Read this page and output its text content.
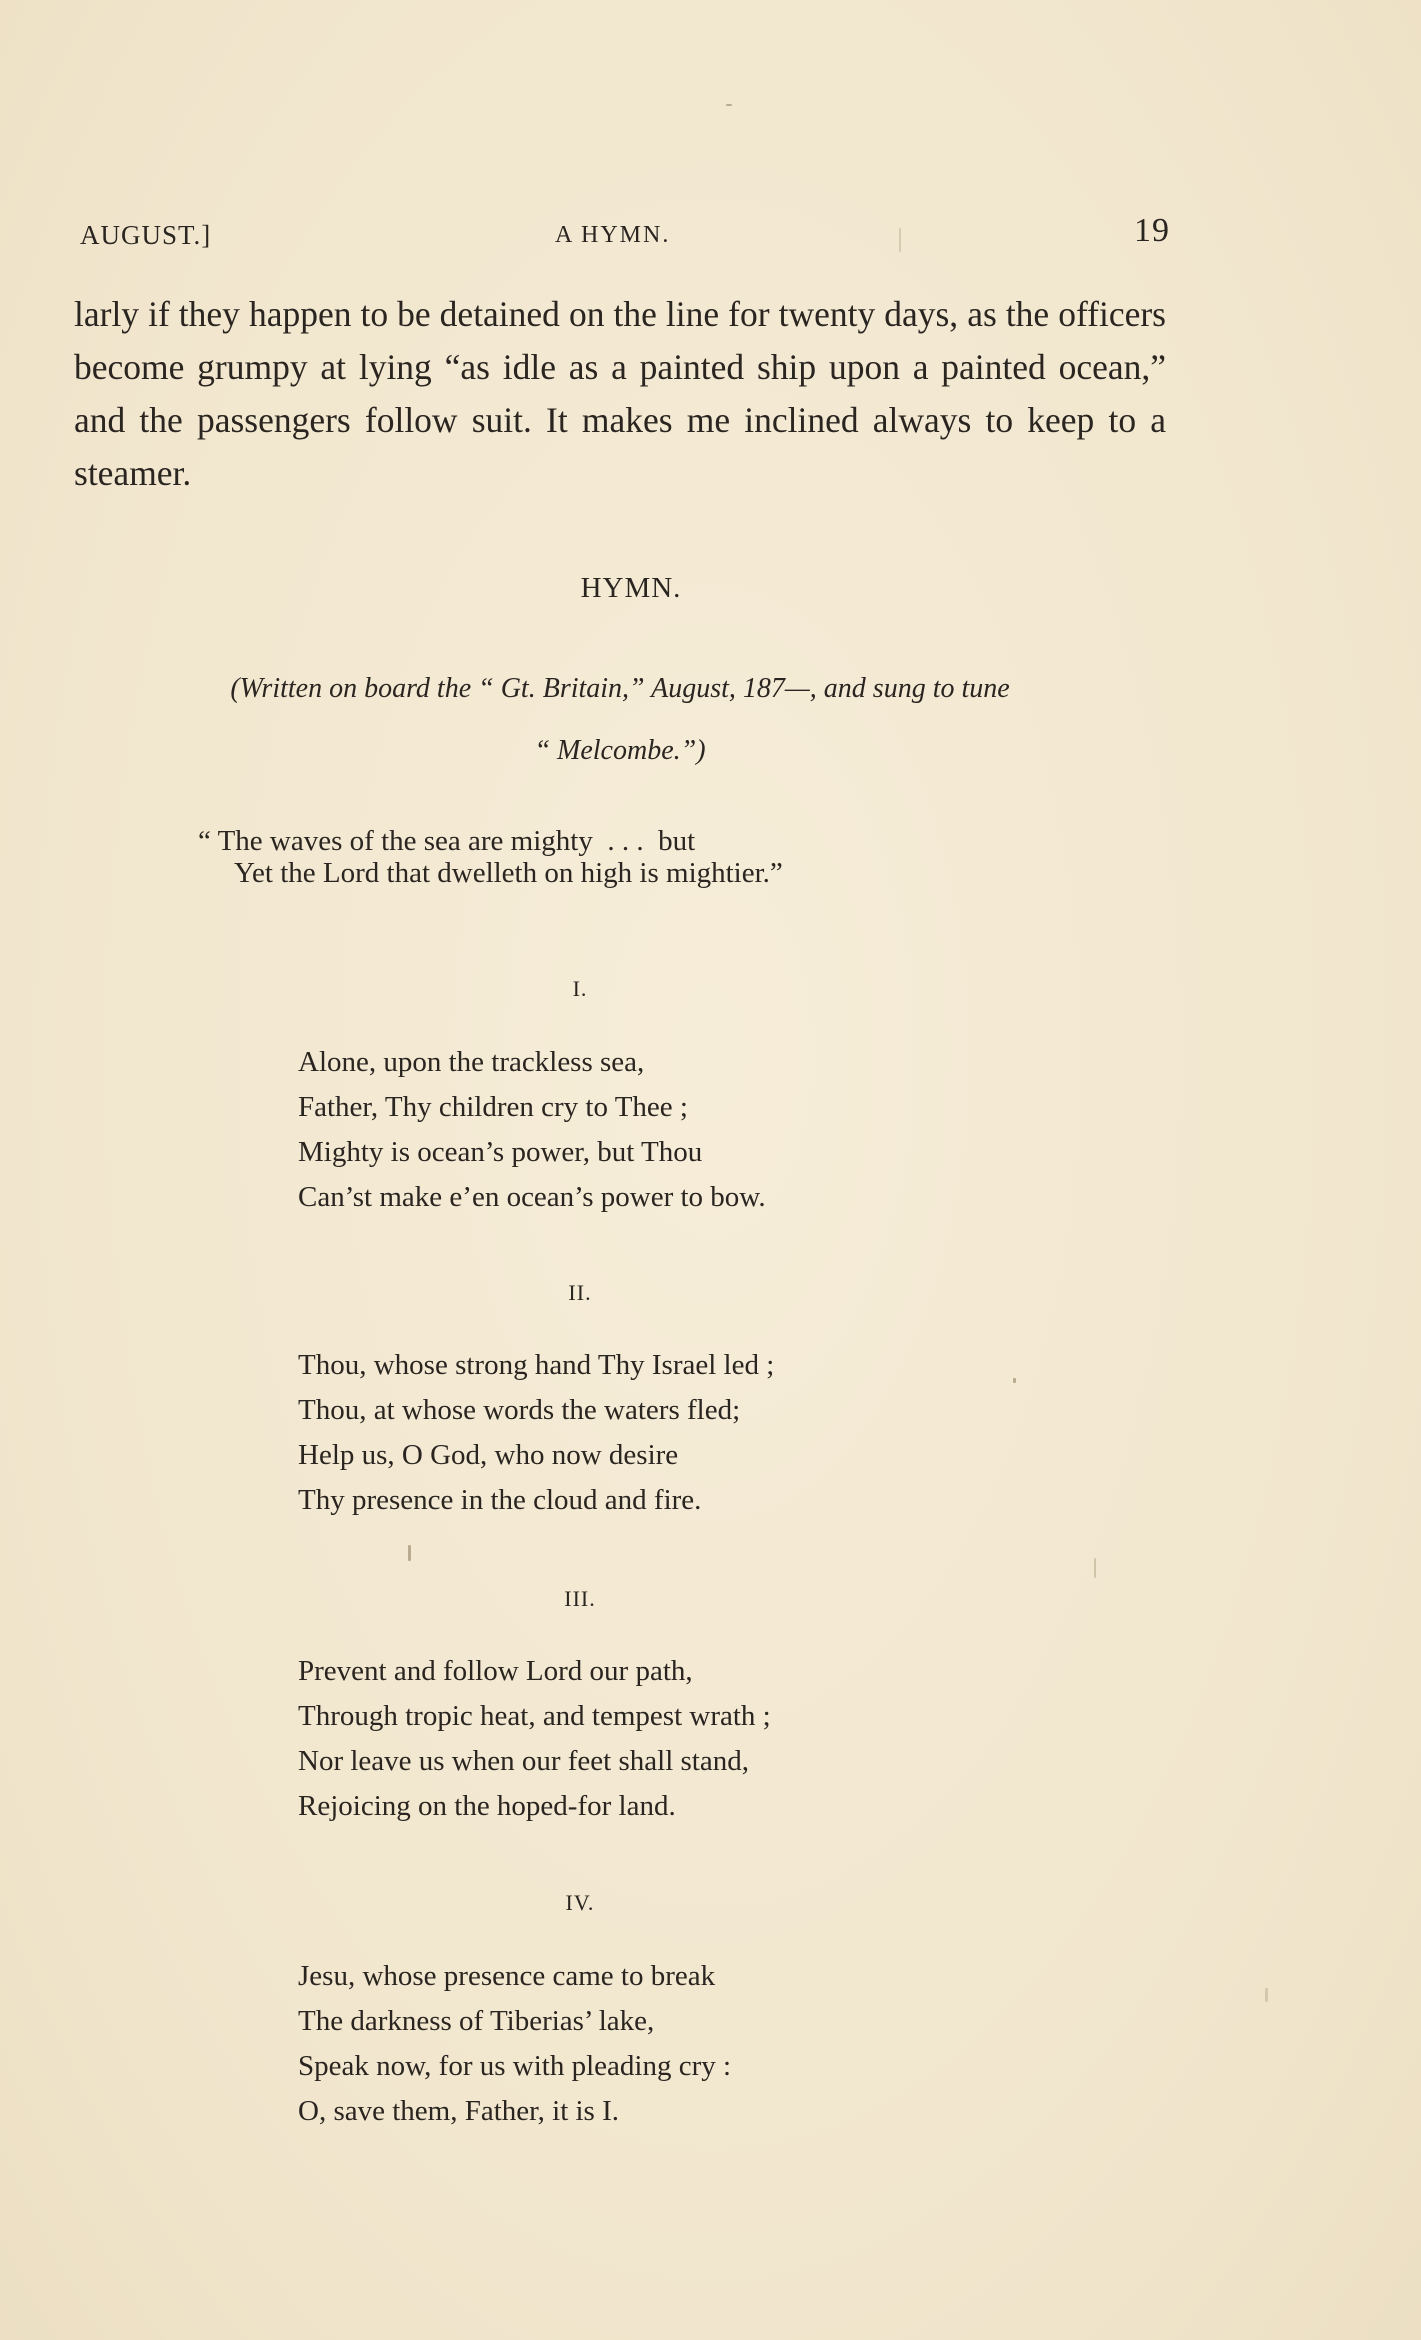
AUGUST.]	A HYMN.	19

larly if they happen to be detained on the line for twenty days, as the officers become grumpy at lying “as idle as a painted ship upon a painted ocean,” and the passengers follow suit. It makes me inclined always to keep to a steamer.

HYMN.
(Written on board the “ Gt. Britain,” August, 187—, and sung to tune
“ Melcombe.”)
“ The waves of the sea are mighty  . . .  but
Yet the Lord that dwelleth on high is mightier.”
I.
Alone, upon the trackless sea,
Father, Thy children cry to Thee ;
Mighty is ocean’s power, but Thou
Can’st make e’en ocean’s power to bow.
II.
Thou, whose strong hand Thy Israel led ;
Thou, at whose words the waters fled;
Help us, O God, who now desire
Thy presence in the cloud and fire.
III.
Prevent and follow Lord our path,
Through tropic heat, and tempest wrath ;
Nor leave us when our feet shall stand,
Rejoicing on the hoped-for land.
IV.
Jesu, whose presence came to break
The darkness of Tiberias’ lake,
Speak now, for us with pleading cry :
O, save them, Father, it is I.
